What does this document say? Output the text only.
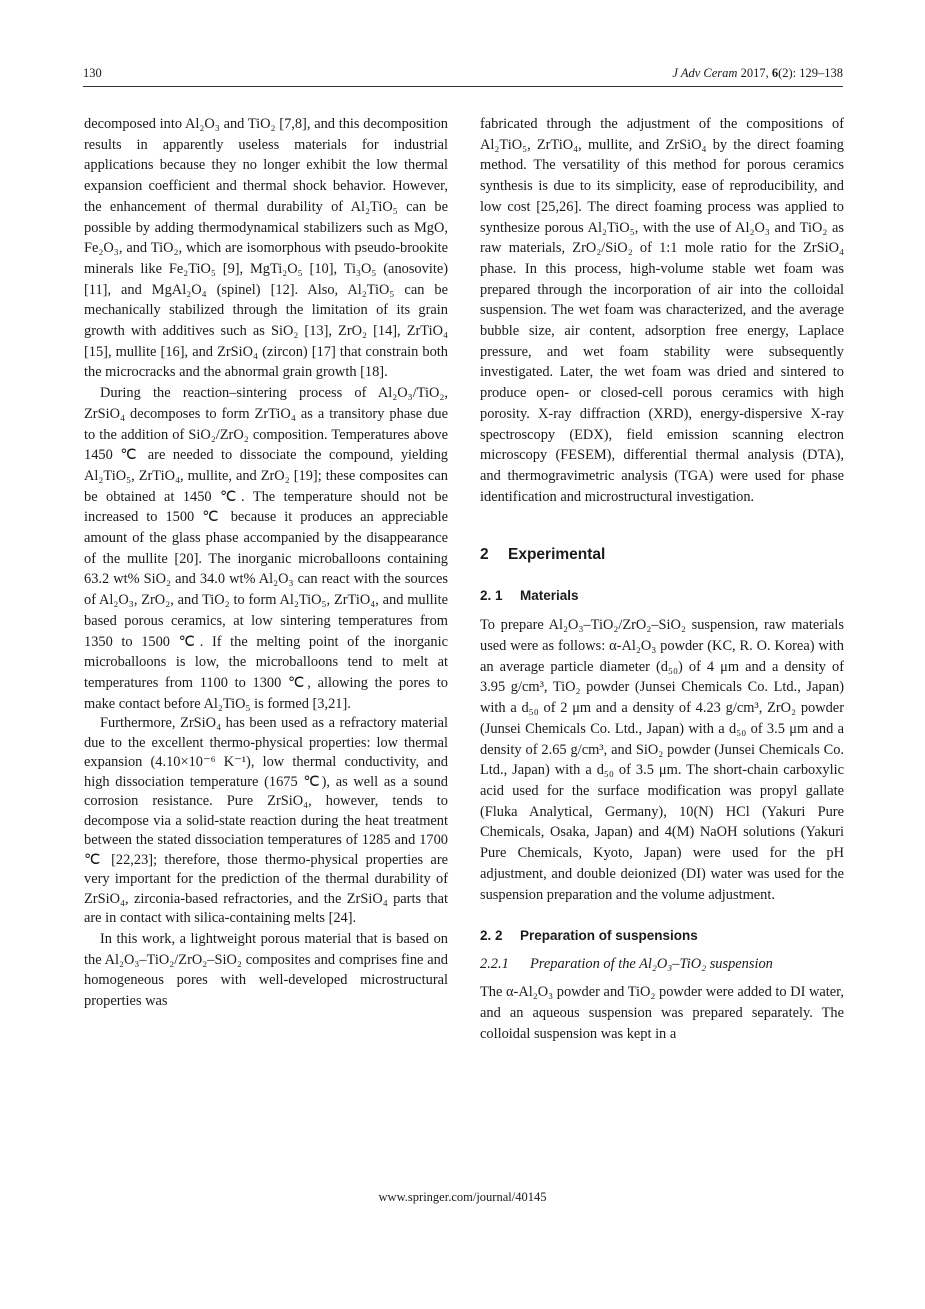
130	J Adv Ceram 2017, 6(2): 129–138

decomposed into Al₂O₃ and TiO₂ [7,8], and this decomposition results in apparently useless materials for industrial applications because they no longer exhibit the low thermal expansion coefficient and thermal shock behavior. However, the enhancement of thermal durability of Al₂TiO₅ can be possible by adding thermodynamical stabilizers such as MgO, Fe₂O₃, and TiO₂, which are isomorphous with pseudo-brookite minerals like Fe₂TiO₅ [9], MgTi₂O₅ [10], Ti₃O₅ (anosovite) [11], and MgAl₂O₄ (spinel) [12]. Also, Al₂TiO₅ can be mechanically stabilized through the limitation of its grain growth with additives such as SiO₂ [13], ZrO₂ [14], ZrTiO₄ [15], mullite [16], and ZrSiO₄ (zircon) [17] that constrain both the microcracks and the abnormal grain growth [18].

During the reaction–sintering process of Al₂O₃/TiO₂, ZrSiO₄ decomposes to form ZrTiO₄ as a transitory phase due to the addition of SiO₂/ZrO₂ composition. Temperatures above 1450 ℃ are needed to dissociate the compound, yielding Al₂TiO₅, ZrTiO₄, mullite, and ZrO₂ [19]; these composites can be obtained at 1450 ℃. The temperature should not be increased to 1500 ℃ because it produces an appreciable amount of the glass phase accompanied by the disappearance of the mullite [20]. The inorganic microballoons containing 63.2 wt% SiO₂ and 34.0 wt% Al₂O₃ can react with the sources of Al₂O₃, ZrO₂, and TiO₂ to form Al₂TiO₅, ZrTiO₄, and mullite based porous ceramics, at low sintering temperatures from 1350 to 1500 ℃. If the melting point of the inorganic microballoons is low, the microballoons tend to melt at temperatures from 1100 to 1300 ℃, allowing the pores to make contact before Al₂TiO₅ is formed [3,21].

Furthermore, ZrSiO₄ has been used as a refractory material due to the excellent thermo-physical properties: low thermal expansion (4.10×10⁻⁶ K⁻¹), low thermal conductivity, and high dissociation temperature (1675 ℃), as well as a sound corrosion resistance. Pure ZrSiO₄, however, tends to decompose via a solid-state reaction during the heat treatment between the stated dissociation temperatures of 1285 and 1700 ℃ [22,23]; therefore, those thermo-physical properties are very important for the prediction of the thermal durability of ZrSiO₄, zirconia-based refractories, and the ZrSiO₄ parts that are in contact with silica-containing melts [24].

In this work, a lightweight porous material that is based on the Al₂O₃–TiO₂/ZrO₂–SiO₂ composites and comprises fine and homogeneous pores with well-developed microstructural properties was

fabricated through the adjustment of the compositions of Al₂TiO₅, ZrTiO₄, mullite, and ZrSiO₄ by the direct foaming method. The versatility of this method for porous ceramics synthesis is due to its simplicity, ease of reproducibility, and low cost [25,26]. The direct foaming process was applied to synthesize porous Al₂TiO₅, with the use of Al₂O₃ and TiO₂ as raw materials, ZrO₂/SiO₂ of 1:1 mole ratio for the ZrSiO₄ phase. In this process, high-volume stable wet foam was prepared through the incorporation of air into the colloidal suspension. The wet foam was characterized, and the average bubble size, air content, adsorption free energy, Laplace pressure, and wet foam stability were subsequently investigated. Later, the wet foam was dried and sintered to produce open- or closed-cell porous ceramics with high porosity. X-ray diffraction (XRD), energy-dispersive X-ray spectroscopy (EDX), field emission scanning electron microscopy (FESEM), differential thermal analysis (DTA), and thermogravimetric analysis (TGA) were used for phase identification and microstructural investigation.

2 Experimental
2. 1 Materials

To prepare Al₂O₃–TiO₂/ZrO₂–SiO₂ suspension, raw materials used were as follows: α-Al₂O₃ powder (KC, R. O. Korea) with an average particle diameter (d₅₀) of 4 μm and a density of 3.95 g/cm³, TiO₂ powder (Junsei Chemicals Co. Ltd., Japan) with a d₅₀ of 2 μm and a density of 4.23 g/cm³, ZrO₂ powder (Junsei Chemicals Co. Ltd., Japan) with a d₅₀ of 3.5 μm and a density of 2.65 g/cm³, and SiO₂ powder (Junsei Chemicals Co. Ltd., Japan) with a d₅₀ of 3.5 μm. The short-chain carboxylic acid used for the surface modification was propyl gallate (Fluka Analytical, Germany), 10(N) HCl (Yakuri Pure Chemicals, Osaka, Japan) and 4(M) NaOH solutions (Yakuri Pure Chemicals, Kyoto, Japan) were used for the pH adjustment, and double deionized (DI) water was used for the suspension preparation and the volume adjustment.

2. 2 Preparation of suspensions
2.2.1 Preparation of the Al₂O₃–TiO₂ suspension

The α-Al₂O₃ powder and TiO₂ powder were added to DI water, and an aqueous suspension was prepared separately. The colloidal suspension was kept in a

www.springer.com/journal/40145
